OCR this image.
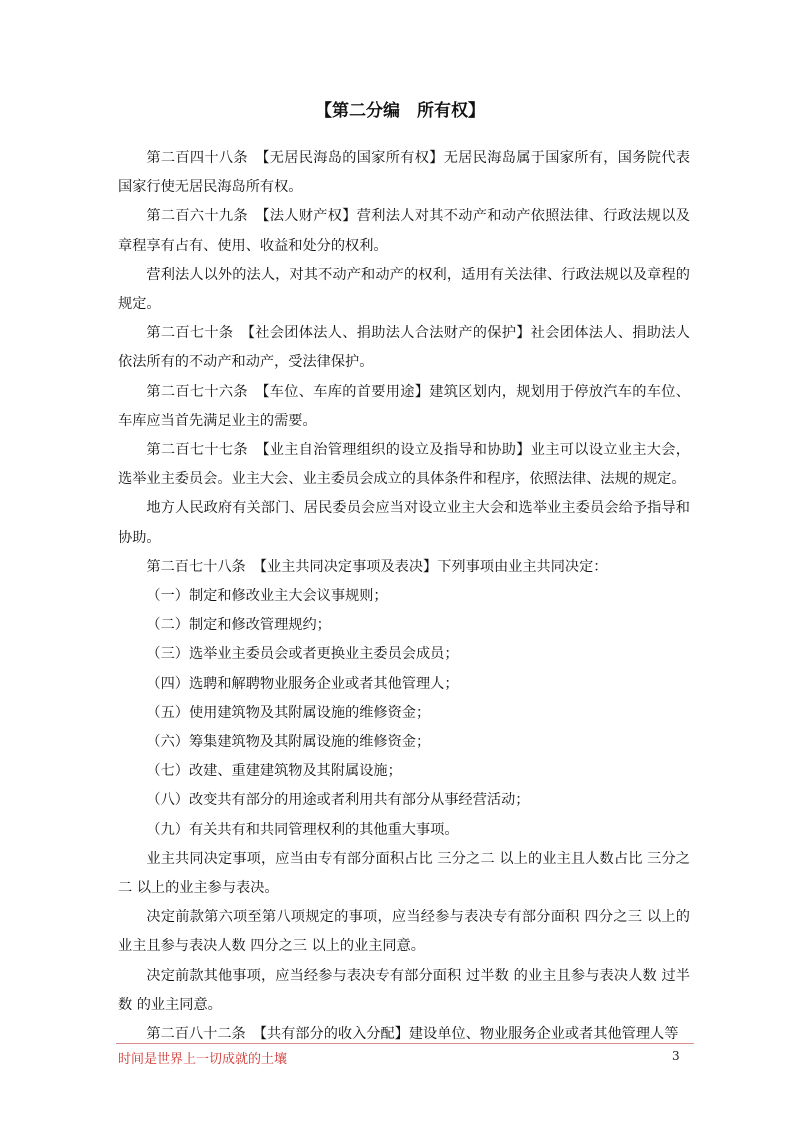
【第二分编　所有权】

第二百四十八条　【无居民海岛的国家所有权】无居民海岛属于国家所有，国务院代表国家行使无居民海岛所有权。

第二百六十九条　【法人财产权】营利法人对其不动产和动产依照法律、行政法规以及章程享有占有、使用、收益和处分的权利。

营利法人以外的法人，对其不动产和动产的权利，适用有关法律、行政法规以及章程的规定。

第二百七十条　【社会团体法人、捐助法人合法财产的保护】社会团体法人、捐助法人依法所有的不动产和动产，受法律保护。

第二百七十六条　【车位、车库的首要用途】建筑区划内，规划用于停放汽车的车位、车库应当首先满足业主的需要。

第二百七十七条　【业主自治管理组织的设立及指导和协助】业主可以设立业主大会，选举业主委员会。业主大会、业主委员会成立的具体条件和程序，依照法律、法规的规定。

地方人民政府有关部门、居民委员会应当对设立业主大会和选举业主委员会给予指导和协助。

第二百七十八条　【业主共同决定事项及表决】下列事项由业主共同决定：

（一）制定和修改业主大会议事规则；

（二）制定和修改管理规约；

（三）选举业主委员会或者更换业主委员会成员；

（四）选聘和解聘物业服务企业或者其他管理人；

（五）使用建筑物及其附属设施的维修资金；

（六）筹集建筑物及其附属设施的维修资金；

（七）改建、重建建筑物及其附属设施；

（八）改变共有部分的用途或者利用共有部分从事经营活动；

（九）有关共有和共同管理权利的其他重大事项。

业主共同决定事项，应当由专有部分面积占比 三分之二 以上的业主且人数占比 三分之二 以上的业主参与表决。

决定前款第六项至第八项规定的事项，应当经参与表决专有部分面积 四分之三 以上的业主且参与表决人数 四分之三 以上的业主同意。

决定前款其他事项，应当经参与表决专有部分面积 过半数 的业主且参与表决人数 过半数 的业主同意。

第二百八十二条　【共有部分的收入分配】建设单位、物业服务企业或者其他管理人等

时间是世界上一切成就的土壤	3
